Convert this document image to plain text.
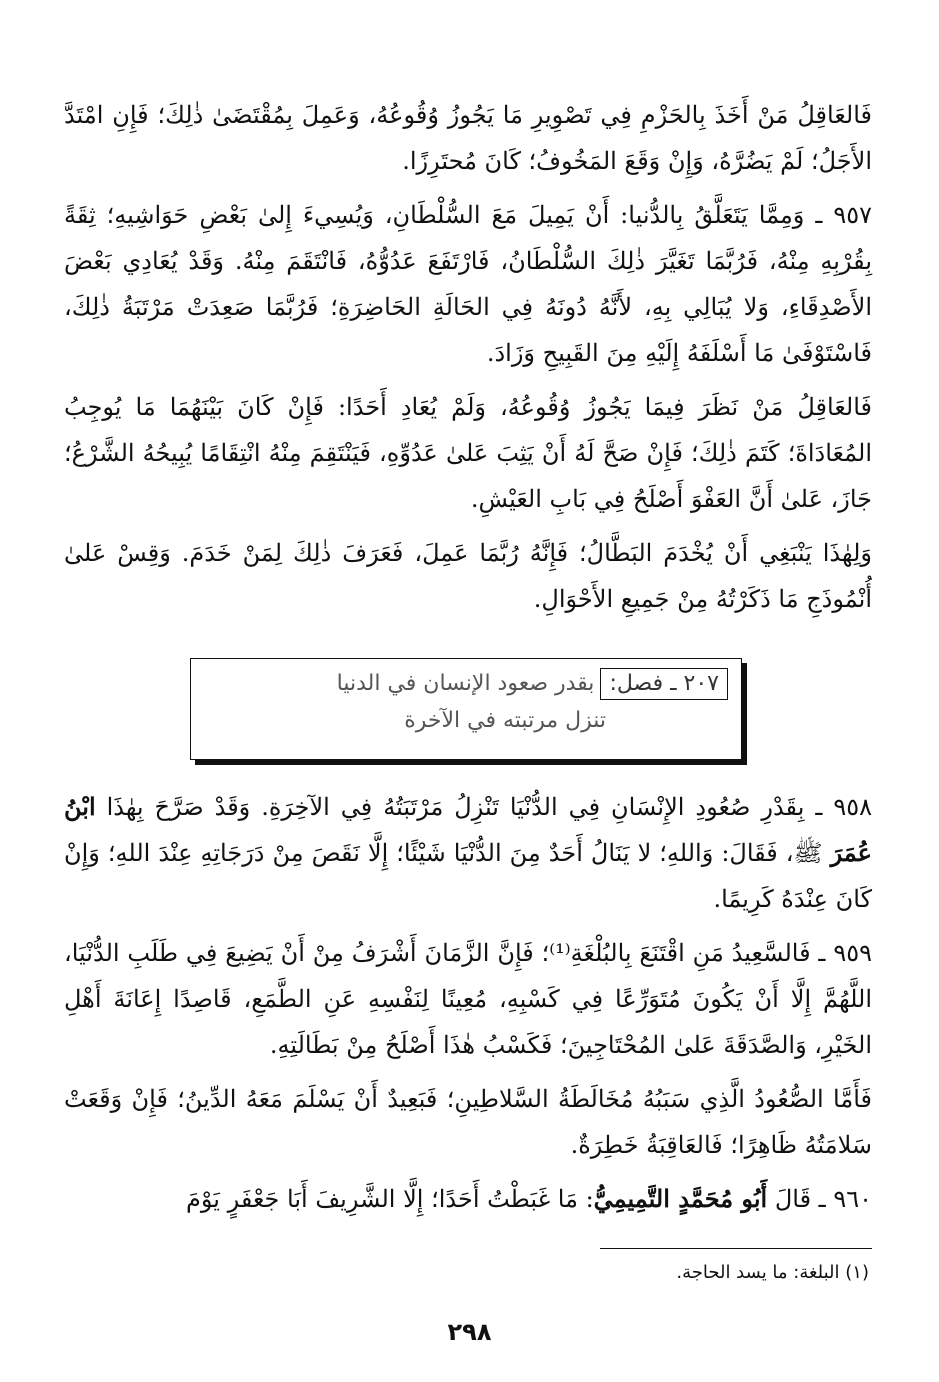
فَالعَاقِلُ مَنْ أَخَذَ بِالحَزْمِ فِي تَصْوِيرِ مَا يَجُوزُ وُقُوعُهُ، وَعَمِلَ بِمُقْتَضَىٰ ذٰلِكَ؛ فَإِنِ امْتَدَّ الأَجَلُ؛ لَمْ يَضُرَّهُ، وَإِنْ وَقَعَ المَخُوفُ؛ كَانَ مُحتَرِزًا.

٩٥٧ ـ وَمِمَّا يَتَعَلَّقُ بِالدُّنيا: أَنْ يَمِيلَ مَعَ السُّلْطَانِ، وَيُسِيءَ إِلىٰ بَعْضِ حَوَاشِيهِ؛ ثِقَةً بِقُرْبِهِ مِنْهُ، فَرُبَّمَا تَغَيَّرَ ذٰلِكَ السُّلْطَانُ، فَارْتَفَعَ عَدُوُّهُ، فَانْتَقَمَ مِنْهُ. وَقَدْ يُعَادِي بَعْضَ الأَصْدِقَاءِ، وَلا يُبَالِي بِهِ، لأَنَّهُ دُونَهُ فِي الحَالَةِ الحَاضِرَةِ؛ فَرُبَّمَا صَعِدَتْ مَرْتَبَةُ ذٰلِكَ، فَاسْتَوْفَىٰ مَا أَسْلَفَهُ إِلَيْهِ مِنَ القَبِيحِ وَزَادَ.

فَالعَاقِلُ مَنْ نَظَرَ فِيمَا يَجُوزُ وُقُوعُهُ، وَلَمْ يُعَادِ أَحَدًا: فَإِنْ كَانَ بَيْنَهُمَا مَا يُوجِبُ المُعَادَاةَ؛ كَتَمَ ذٰلِكَ؛ فَإِنْ صَحَّ لَهُ أَنْ يَثِبَ عَلىٰ عَدُوِّهِ، فَيَنْتَقِمَ مِنْهُ انْتِقَامًا يُبِيحُهُ الشَّرْعُ؛ جَازَ، عَلىٰ أَنَّ العَفْوَ أَصْلَحُ فِي بَابِ العَيْشِ.

وَلِهٰذَا يَنْبَغِي أَنْ يُخْدَمَ البَطَّالُ؛ فَإِنَّهُ رُبَّمَا عَمِلَ، فَعَرَفَ ذٰلِكَ لِمَنْ خَدَمَ. وَقِسْ عَلىٰ أُنْمُوذَجِ مَا ذَكَرْتُهُ مِنْ جَمِيعِ الأَحْوَالِ.

٢٠٧ ـ فصل:بقدر صعود الإنسان في الدنيا
تنزل مرتبته في الآخرة

٩٥٨ ـ بِقَدْرِ صُعُودِ الإِنْسَانِ فِي الدُّنْيَا تَنْزِلُ مَرْتَبَتُهُ فِي الآخِرَةِ. وَقَدْ صَرَّحَ بِهٰذَا ابْنُ عُمَرَ ﷺ، فَقَالَ: وَاللهِ؛ لا يَنَالُ أَحَدٌ مِنَ الدُّنْيَا شَيْئًا؛ إِلَّا نَقَصَ مِنْ دَرَجَاتِهِ عِنْدَ اللهِ؛ وَإِنْ كَانَ عِنْدَهُ كَرِيمًا.

٩٥٩ ـ فَالسَّعِيدُ مَنِ اقْتَنَعَ بِالبُلْغَةِ⁽¹⁾؛ فَإِنَّ الزَّمَانَ أَشْرَفُ مِنْ أَنْ يَضِيعَ فِي طَلَبِ الدُّنْيَا، اللَّهُمَّ إِلَّا أَنْ يَكُونَ مُتَوَرِّعًا فِي كَسْبِهِ، مُعِينًا لِنَفْسِهِ عَنِ الطَّمَعِ، قَاصِدًا إِعَانَةَ أَهْلِ الخَيْرِ، وَالصَّدَقَةَ عَلىٰ المُحْتَاجِينَ؛ فَكَسْبُ هٰذَا أَصْلَحُ مِنْ بَطَالَتِهِ.

فَأَمَّا الصُّعُودُ الَّذِي سَبَبُهُ مُخَالَطَةُ السَّلاطِينِ؛ فَبَعِيدٌ أَنْ يَسْلَمَ مَعَهُ الدِّينُ؛ فَإِنْ وَقَعَتْ سَلامَتُهُ ظَاهِرًا؛ فَالعَاقِبَةُ خَطِرَةٌ.

٩٦٠ ـ قَالَ أَبُو مُحَمَّدٍ التَّمِيمِيُّ: مَا غَبَطْتُ أَحَدًا؛ إِلَّا الشَّرِيفَ أَبَا جَعْفَرٍ يَوْمَ

(١) البلغة: ما يسد الحاجة.
٢٩٨
